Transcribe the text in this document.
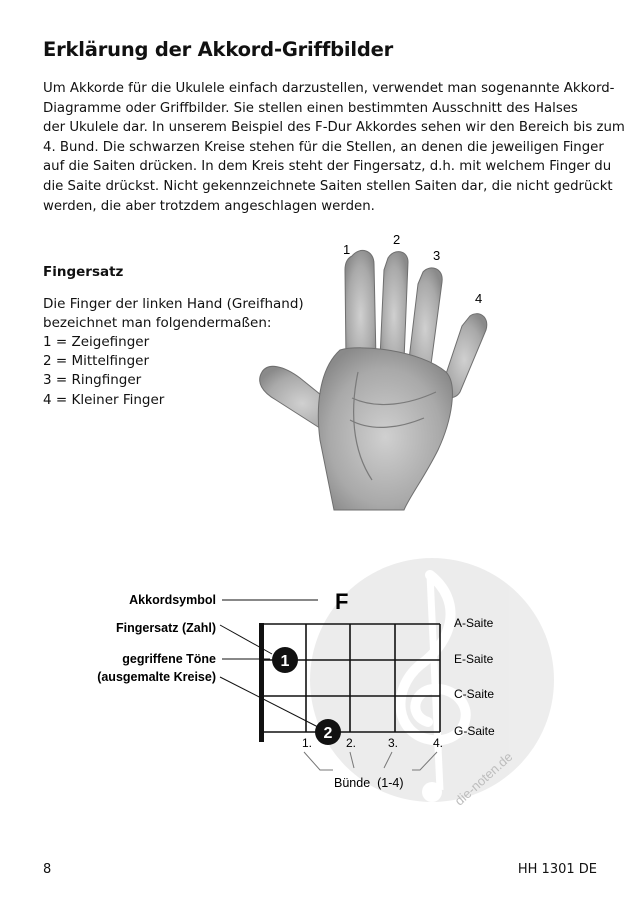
Erklärung der Akkord-Griffbilder

Um Akkorde für die Ukulele einfach darzustellen, verwendet man sogenannte Akkord-
Diagramme oder Griffbilder. Sie stellen einen bestimmten Ausschnitt des Halses
der Ukulele dar. In unserem Beispiel des F-Dur Akkordes sehen wir den Bereich bis zum
4. Bund. Die schwarzen Kreise stehen für die Stellen, an denen die jeweiligen Finger
auf die Saiten drücken. In dem Kreis steht der Fingersatz, d.h. mit welchem Finger du
die Saite drückst. Nicht gekennzeichnete Saiten stellen Saiten dar, die nicht gedrückt
werden, die aber trotzdem angeschlagen werden.

Fingersatz

Die Finger der linken Hand (Greifhand)
bezeichnet man folgendermaßen:

1 = Zeigefinger
2 = Mittelfinger
3 = Ringfinger
4 = Kleiner Finger
1
2
3
4
F
Akkordsymbol
Fingersatz (Zahl)
gegriffene Töne
(ausgemalte Kreise)
1
2
A-Saite
E-Saite
C-Saite
G-Saite
1.	2.	3.	4.
Bünde  (1-4)	die-noten.de
8	HH 1301 DE
